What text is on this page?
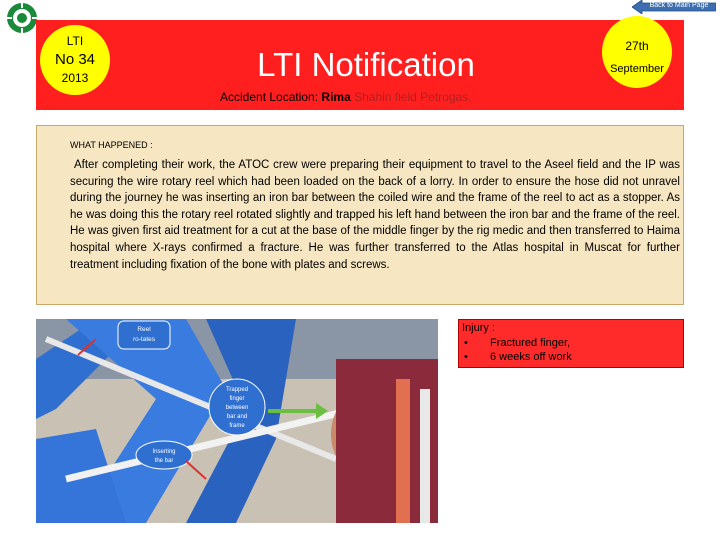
Back to Main Page
LTI
No 34
2013	LTI Notification	27th
September
Accident Location: Rima Shahin field Petrogas.
WHAT HAPPENED :

After completing their work, the ATOC crew were preparing their equipment to travel to the Aseel field and the IP was securing the wire rotary reel which had been loaded on the back of a lorry. In order to ensure the hose did not unravel during the journey he was inserting an iron bar between the coiled wire and the frame of the reel to act as a stopper. As he was doing this the rotary reel rotated slightly and trapped his left hand between the iron bar and the frame of the reel. He was given first aid treatment for a cut at the base of the middle finger by the rig medic and then transferred to Haima hospital where X-rays confirmed a fracture. He was further transferred to the Atlas hospital in Muscat for further treatment including fixation of the bone with plates and screws.

Reel
ro-tates
Trapped
finger
between
bar and
frame
Inserting
the bar
Injury :
• Fractured finger,
• 6 weeks off work
